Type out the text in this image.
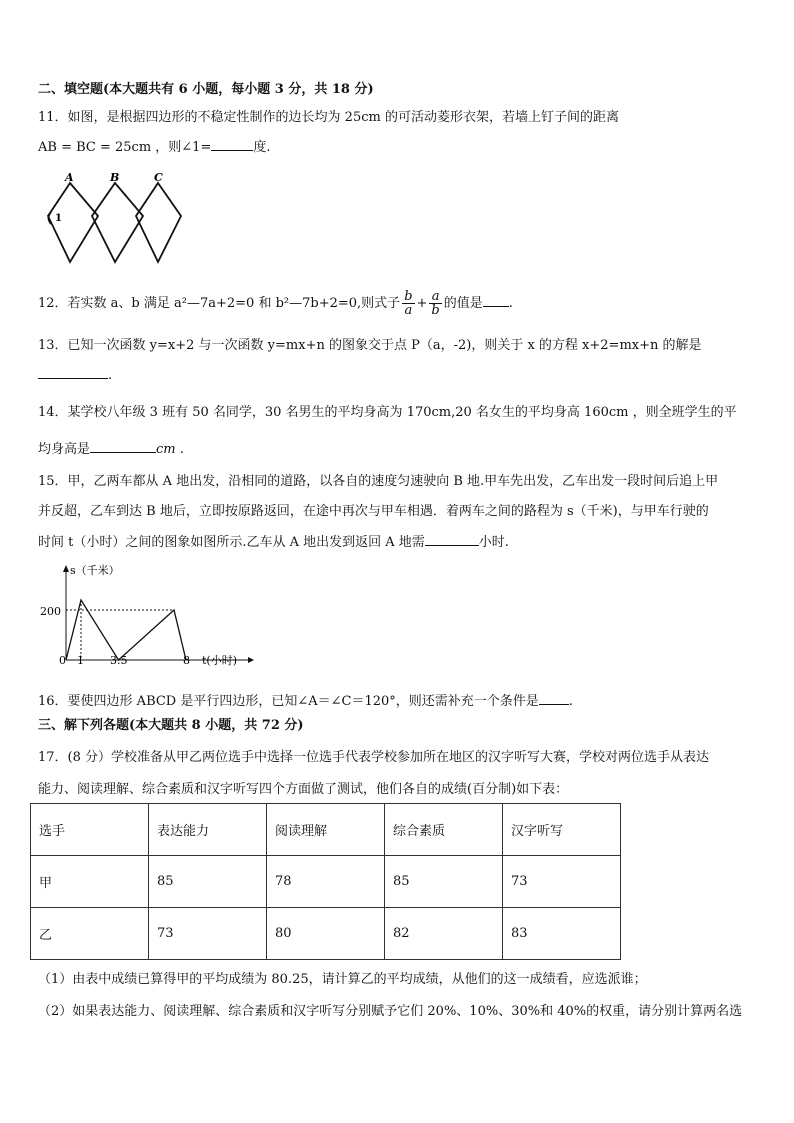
二、填空题(本大题共有 6 小题，每小题 3 分，共 18 分)
11．如图，是根据四边形的不稳定性制作的边长均为 25cm 的可活动菱形衣架，若墙上钉子间的距离
AB = BC = 25cm ，则∠1=	度.
A	B	C
1
12．若实数 a、b 满足 a²—7a+2=0 和 b²—7b+2=0,则式子 $\frac{b}{a} + \frac{a}{b}$ 的值是 .
13．已知一次函数 y=x+2 与一次函数 y=mx+n 的图象交于点 P（a，-2)，则关于 x 的方程 x+2=mx+n 的解是
.
14．某学校八年级 3 班有 50 名同学，30 名男生的平均身高为 170cm,20 名女生的平均身高 160cm ，则全班学生的平
均身高是	cm .
15．甲，乙两车都从 A 地出发，沿相同的道路，以各自的速度匀速驶向 B 地.甲车先出发，乙车出发一段时间后追上甲
并反超，乙车到达 B 地后，立即按原路返回，在途中再次与甲车相遇．着两车之间的路程为 s（千米)，与甲车行驶的
时间 t（小时）之间的图象如图所示.乙车从 A 地出发到返回 A 地需	小时.
s（千米）
t(小时)
200
0 1 3.5	8
16．要使四边形 ABCD 是平行四边形，已知∠A＝∠C＝120°，则还需补充一个条件是 .
三、解下列各题(本大题共 8 小题，共 72 分)
17．(8 分）学校准备从甲乙两位选手中选择一位选手代表学校参加所在地区的汉字听写大赛，学校对两位选手从表达
能力、阅读理解、综合素质和汉字听写四个方面做了测试，他们各自的成绩(百分制)如下表：
选手	表达能力	阅读理解	综合素质	汉字听写
甲	85	78	85	73
乙	73	80	82	83
（1）由表中成绩已算得甲的平均成绩为 80.25，请计算乙的平均成绩，从他们的这一成绩看，应选派谁；
（2）如果表达能力、阅读理解、综合素质和汉字听写分别赋予它们 20%、10%、30%和 40%的权重，请分别计算两名选
